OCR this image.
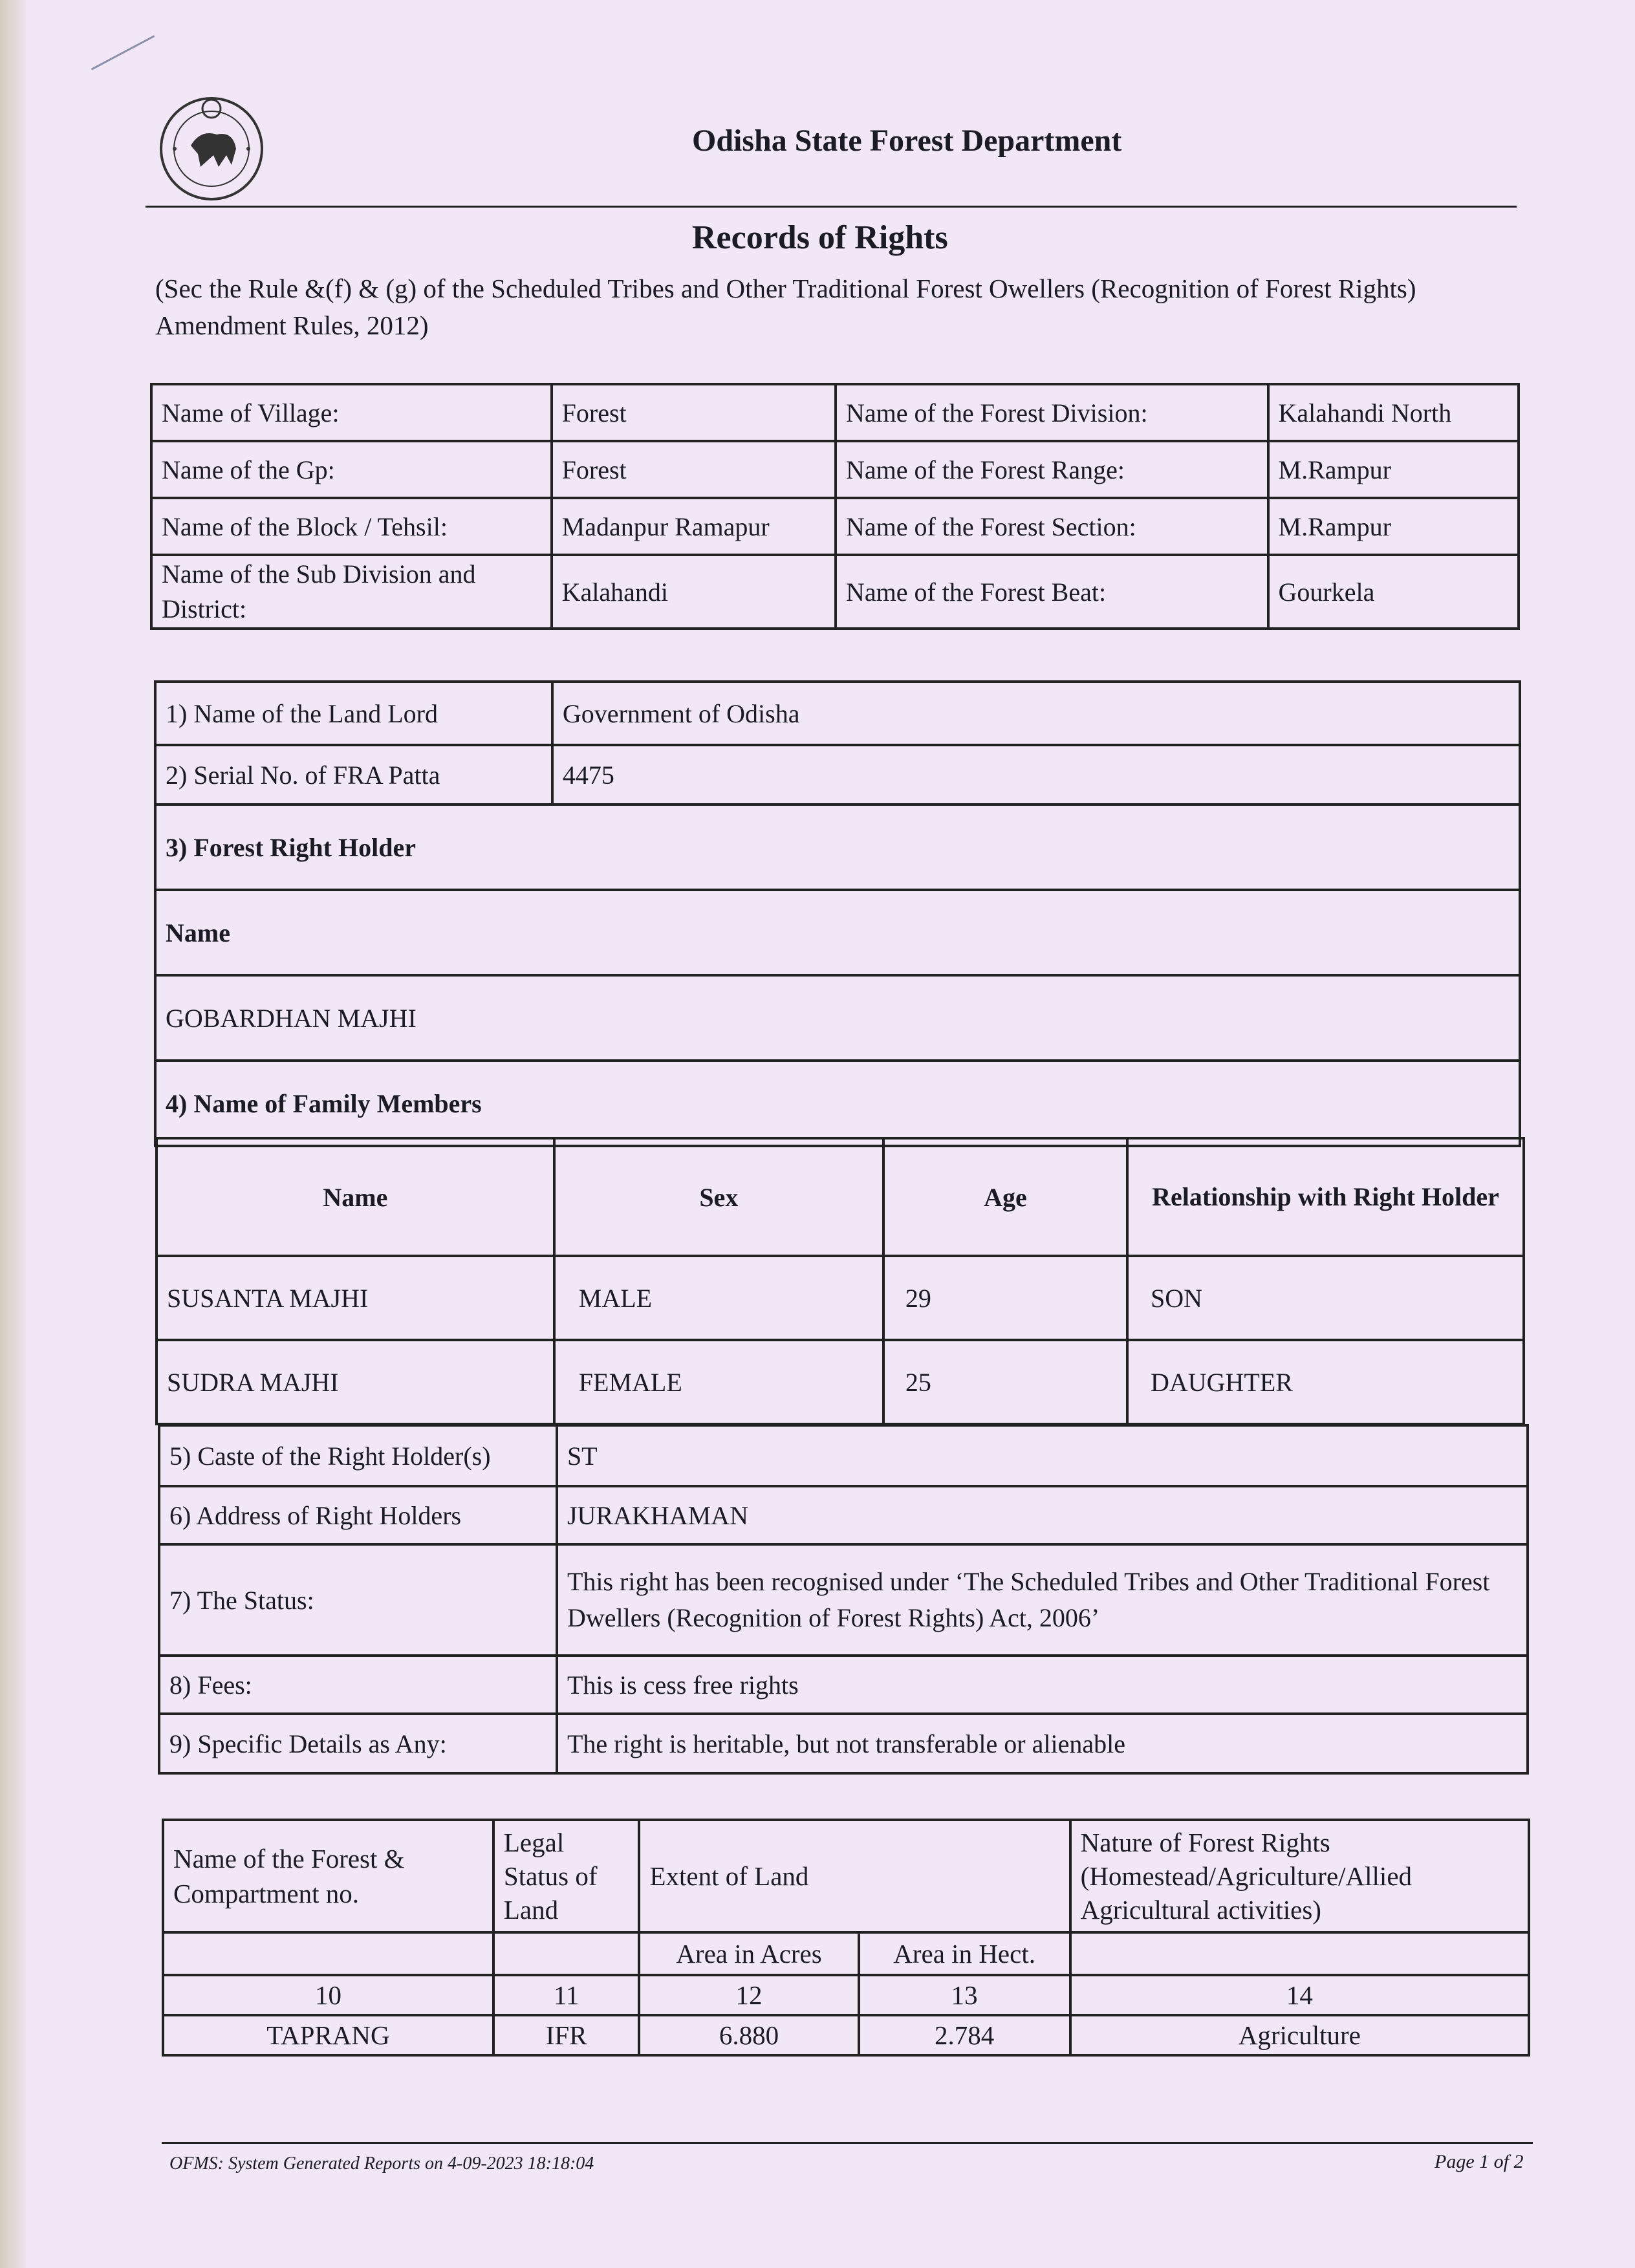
Odisha State Forest Department
Records of Rights
(Sec the Rule &(f) & (g) of the Scheduled Tribes and Other Traditional Forest Owellers (Recognition of Forest Rights) Amendment Rules, 2012)
Name of Village:	Forest	Name of the Forest Division:	Kalahandi North
Name of the Gp:	Forest	Name of the Forest Range:	M.Rampur
Name of the Block / Tehsil:	Madanpur Ramapur	Name of the Forest Section:	M.Rampur
Name of the Sub Division and District:	Kalahandi	Name of the Forest Beat:	Gourkela
1) Name of the Land Lord	Government of Odisha
2) Serial No. of FRA Patta	4475
3) Forest Right Holder	
Name	
GOBARDHAN MAJHI	
4) Name of Family Members	
Name	Sex	Age	Relationship with Right Holder
SUSANTA MAJHI	MALE	29	SON
SUDRA MAJHI	FEMALE	25	DAUGHTER
5) Caste of the Right Holder(s)	ST
6) Address of Right Holders	JURAKHAMAN
7) The Status:	This right has been recognised under ‘The Scheduled Tribes and Other Traditional Forest Dwellers (Recognition of Forest Rights) Act, 2006’
8) Fees:	This is cess free rights
9) Specific Details as Any:	The right is heritable, but not transferable or alienable
Name of the Forest & Compartment no.	Legal Status of Land	Extent of Land		Nature of Forest Rights (Homestead/Agriculture/Allied Agricultural activities)
		Area in Acres	Area in Hect.	
10	11	12	13	14
TAPRANG	IFR	6.880	2.784	Agriculture
OFMS: System Generated Reports on 4-09-2023 18:18:04	Page 1 of 2
